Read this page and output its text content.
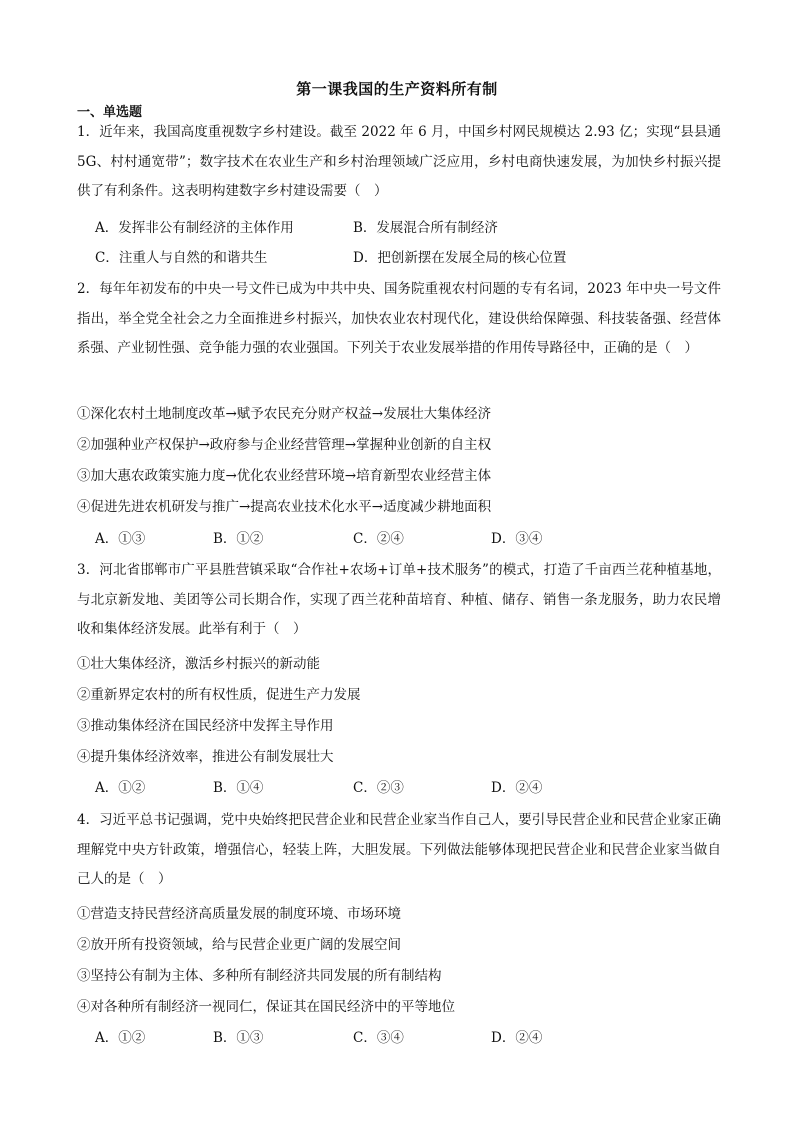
第一课我国的生产资料所有制
一、单选题
1．近年来，我国高度重视数字乡村建设。截至 2022 年 6 月，中国乡村网民规模达 2.93 亿；实现“县县通 5G、村村通宽带”；数字技术在农业生产和乡村治理领域广泛应用，乡村电商快速发展，为加快乡村振兴提供了有利条件。这表明构建数字乡村建设需要（　）
A．发挥非公有制经济的主体作用	B．发展混合所有制经济
C．注重人与自然的和谐共生	D．把创新摆在发展全局的核心位置
2．每年年初发布的中央一号文件已成为中共中央、国务院重视农村问题的专有名词，2023 年中央一号文件指出，举全党全社会之力全面推进乡村振兴，加快农业农村现代化，建设供给保障强、科技装备强、经营体系强、产业韧性强、竞争能力强的农业强国。下列关于农业发展举措的作用传导路径中，正确的是（　）
①深化农村土地制度改革→赋予农民充分财产权益→发展壮大集体经济
②加强种业产权保护→政府参与企业经营管理→掌握种业创新的自主权
③加大惠农政策实施力度→优化农业经营环境→培育新型农业经营主体
④促进先进农机研发与推广→提高农业技术化水平→适度减少耕地面积
A．①③	B．①②	C．②④	D．③④
3．河北省邯郸市广平县胜营镇采取“合作社+农场+订单+技术服务”的模式，打造了千亩西兰花种植基地，与北京新发地、美团等公司长期合作，实现了西兰花种苗培育、种植、储存、销售一条龙服务，助力农民增收和集体经济发展。此举有利于（　）
①壮大集体经济，激活乡村振兴的新动能
②重新界定农村的所有权性质，促进生产力发展
③推动集体经济在国民经济中发挥主导作用
④提升集体经济效率，推进公有制发展壮大
A．①②	B．①④	C．②③	D．②④
4．习近平总书记强调，党中央始终把民营企业和民营企业家当作自己人，要引导民营企业和民营企业家正确理解党中央方针政策，增强信心，轻装上阵，大胆发展。下列做法能够体现把民营企业和民营企业家当做自己人的是（　）
①营造支持民营经济高质量发展的制度环境、市场环境
②放开所有投资领域，给与民营企业更广阔的发展空间
③坚持公有制为主体、多种所有制经济共同发展的所有制结构
④对各种所有制经济一视同仁，保证其在国民经济中的平等地位
A．①②	B．①③	C．③④	D．②④
